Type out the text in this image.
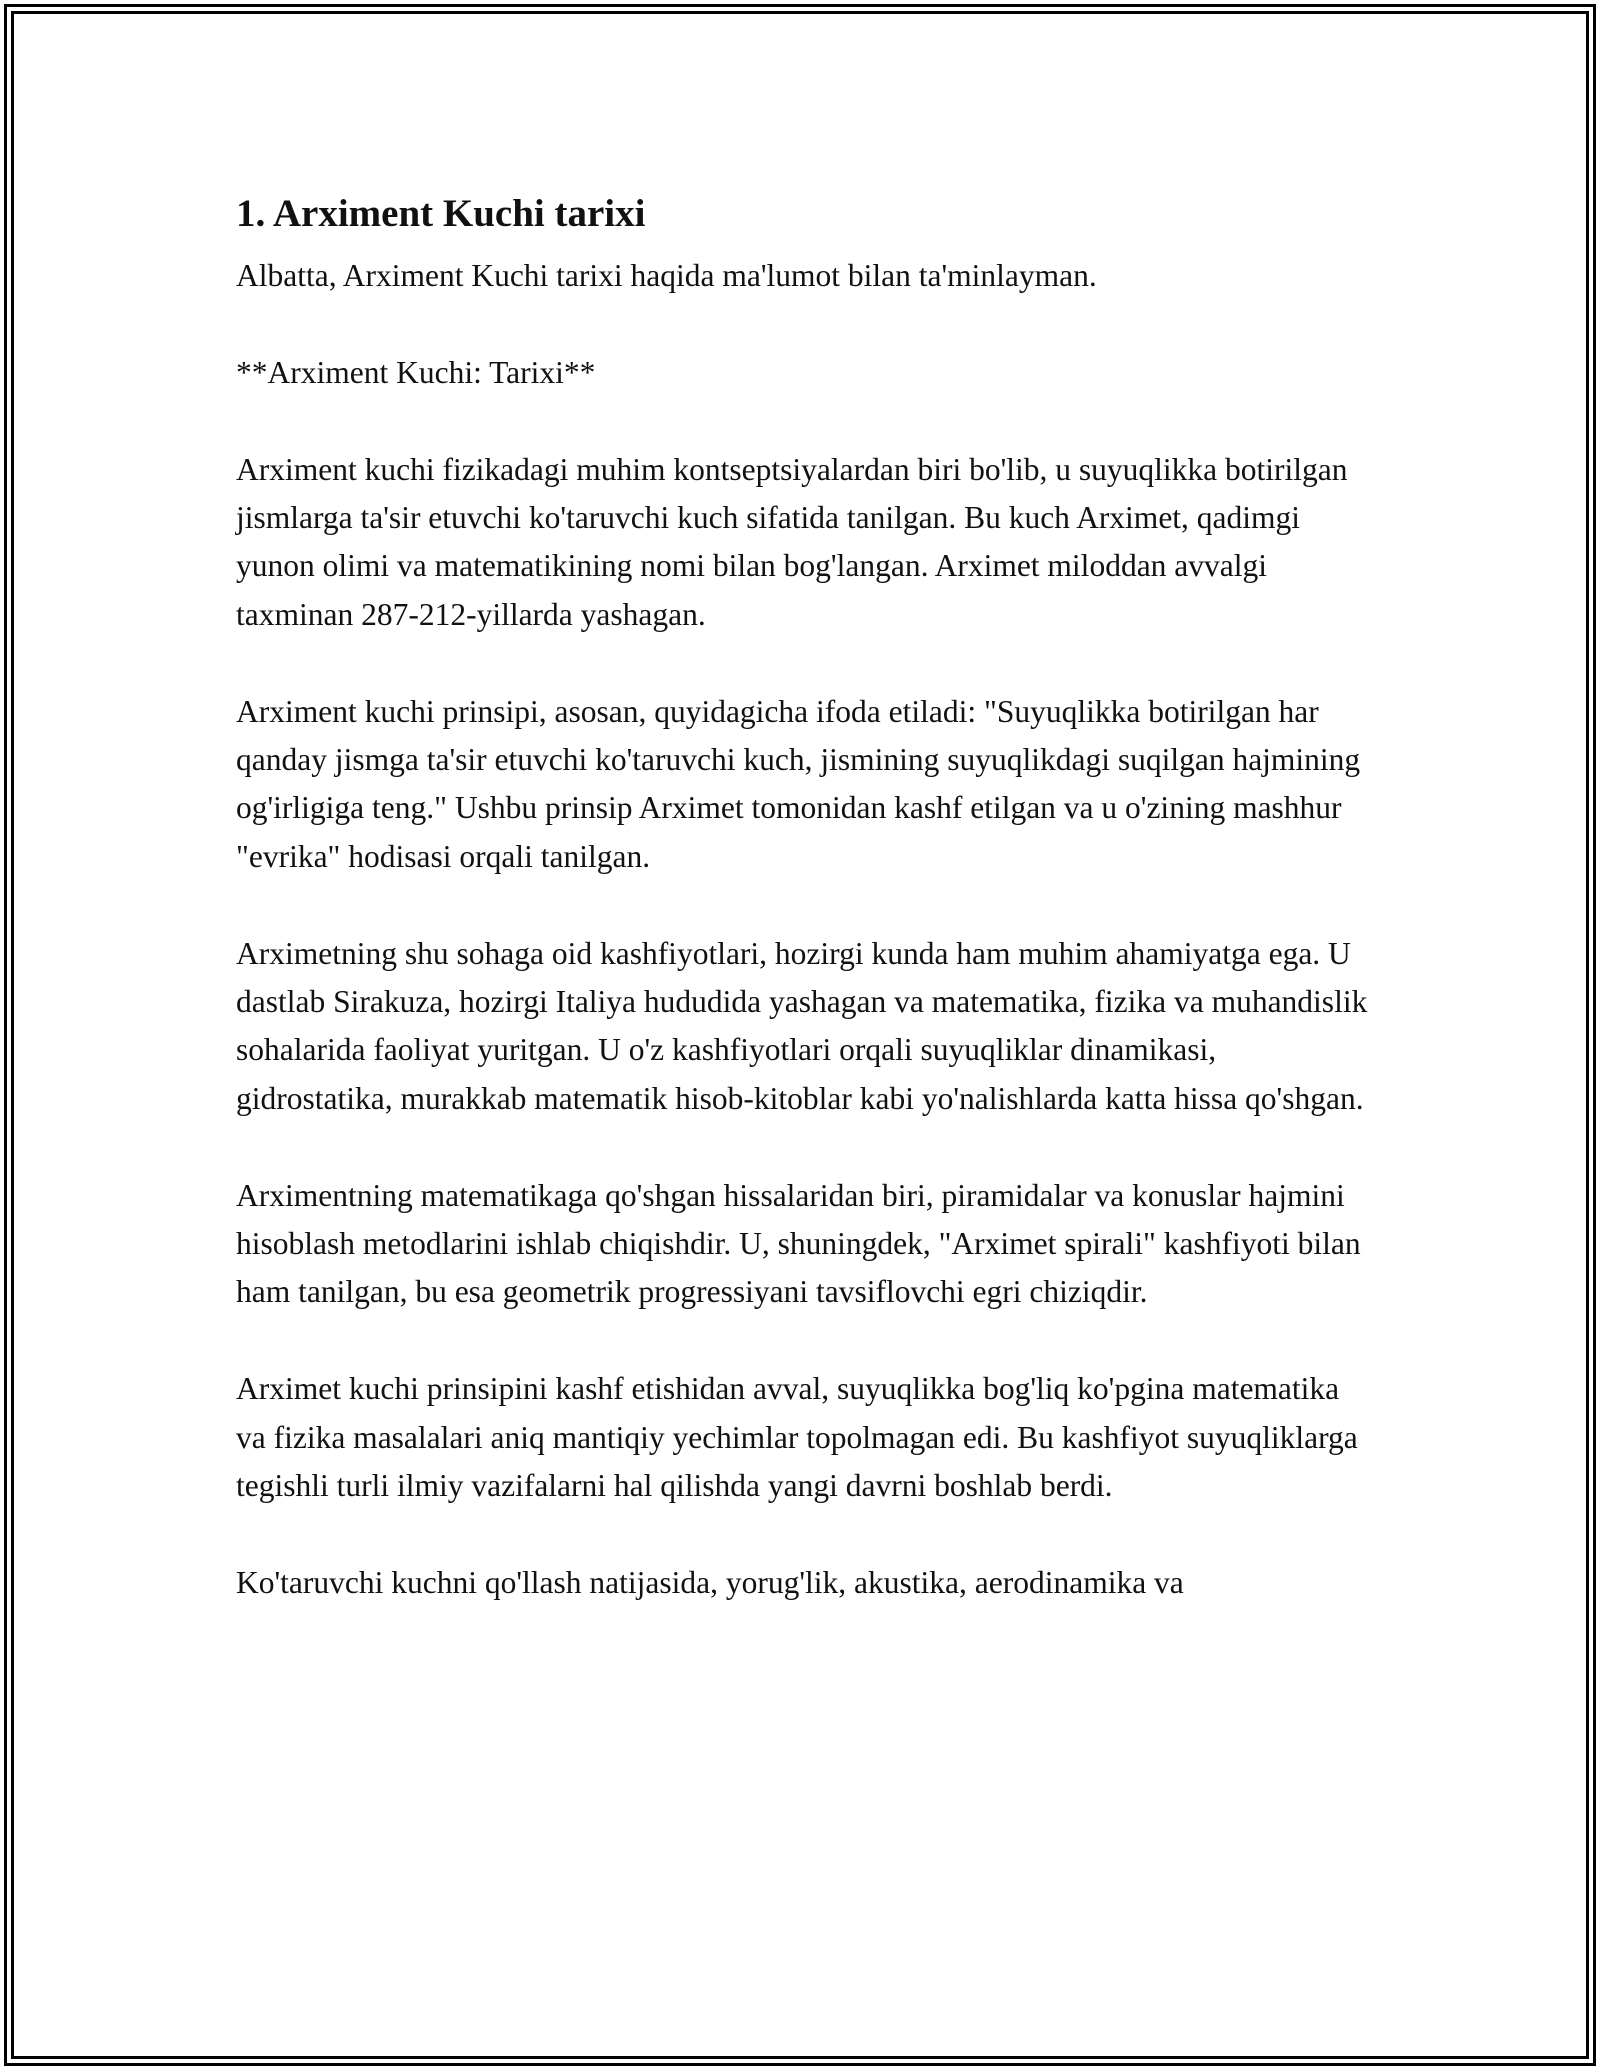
1. Arximent Kuchi tarixi

Albatta, Arximent Kuchi tarixi haqida ma'lumot bilan ta'minlayman.

**Arximent Kuchi: Tarixi**

Arximent kuchi fizikadagi muhim kontseptsiyalardan biri bo'lib, u suyuqlikka botirilgan jismlarga ta'sir etuvchi ko'taruvchi kuch sifatida tanilgan. Bu kuch Arximet, qadimgi yunon olimi va matematikining nomi bilan bog'langan. Arximet miloddan avvalgi taxminan 287-212-yillarda yashagan.

Arximent kuchi prinsipi, asosan, quyidagicha ifoda etiladi: "Suyuqlikka botirilgan har qanday jismga ta'sir etuvchi ko'taruvchi kuch, jismining suyuqlikdagi suqilgan hajmining og'irligiga teng." Ushbu prinsip Arximet tomonidan kashf etilgan va u o'zining mashhur "evrika" hodisasi orqali tanilgan.

Arximetning shu sohaga oid kashfiyotlari, hozirgi kunda ham muhim ahamiyatga ega. U dastlab Sirakuza, hozirgi Italiya hududida yashagan va matematika, fizika va muhandislik sohalarida faoliyat yuritgan. U o'z kashfiyotlari orqali suyuqliklar dinamikasi, gidrostatika, murakkab matematik hisob-kitoblar kabi yo'nalishlarda katta hissa qo'shgan.

Arximentning matematikaga qo'shgan hissalaridan biri, piramidalar va konuslar hajmini hisoblash metodlarini ishlab chiqishdir. U, shuningdek, "Arximet spirali" kashfiyoti bilan ham tanilgan, bu esa geometrik progressiyani tavsiflovchi egri chiziqdir.

Arximet kuchi prinsipini kashf etishidan avval, suyuqlikka bog'liq ko'pgina matematika va fizika masalalari aniq mantiqiy yechimlar topolmagan edi. Bu kashfiyot suyuqliklarga tegishli turli ilmiy vazifalarni hal qilishda yangi davrni boshlab berdi.

Ko'taruvchi kuchni qo'llash natijasida, yorug'lik, akustika, aerodinamika va
